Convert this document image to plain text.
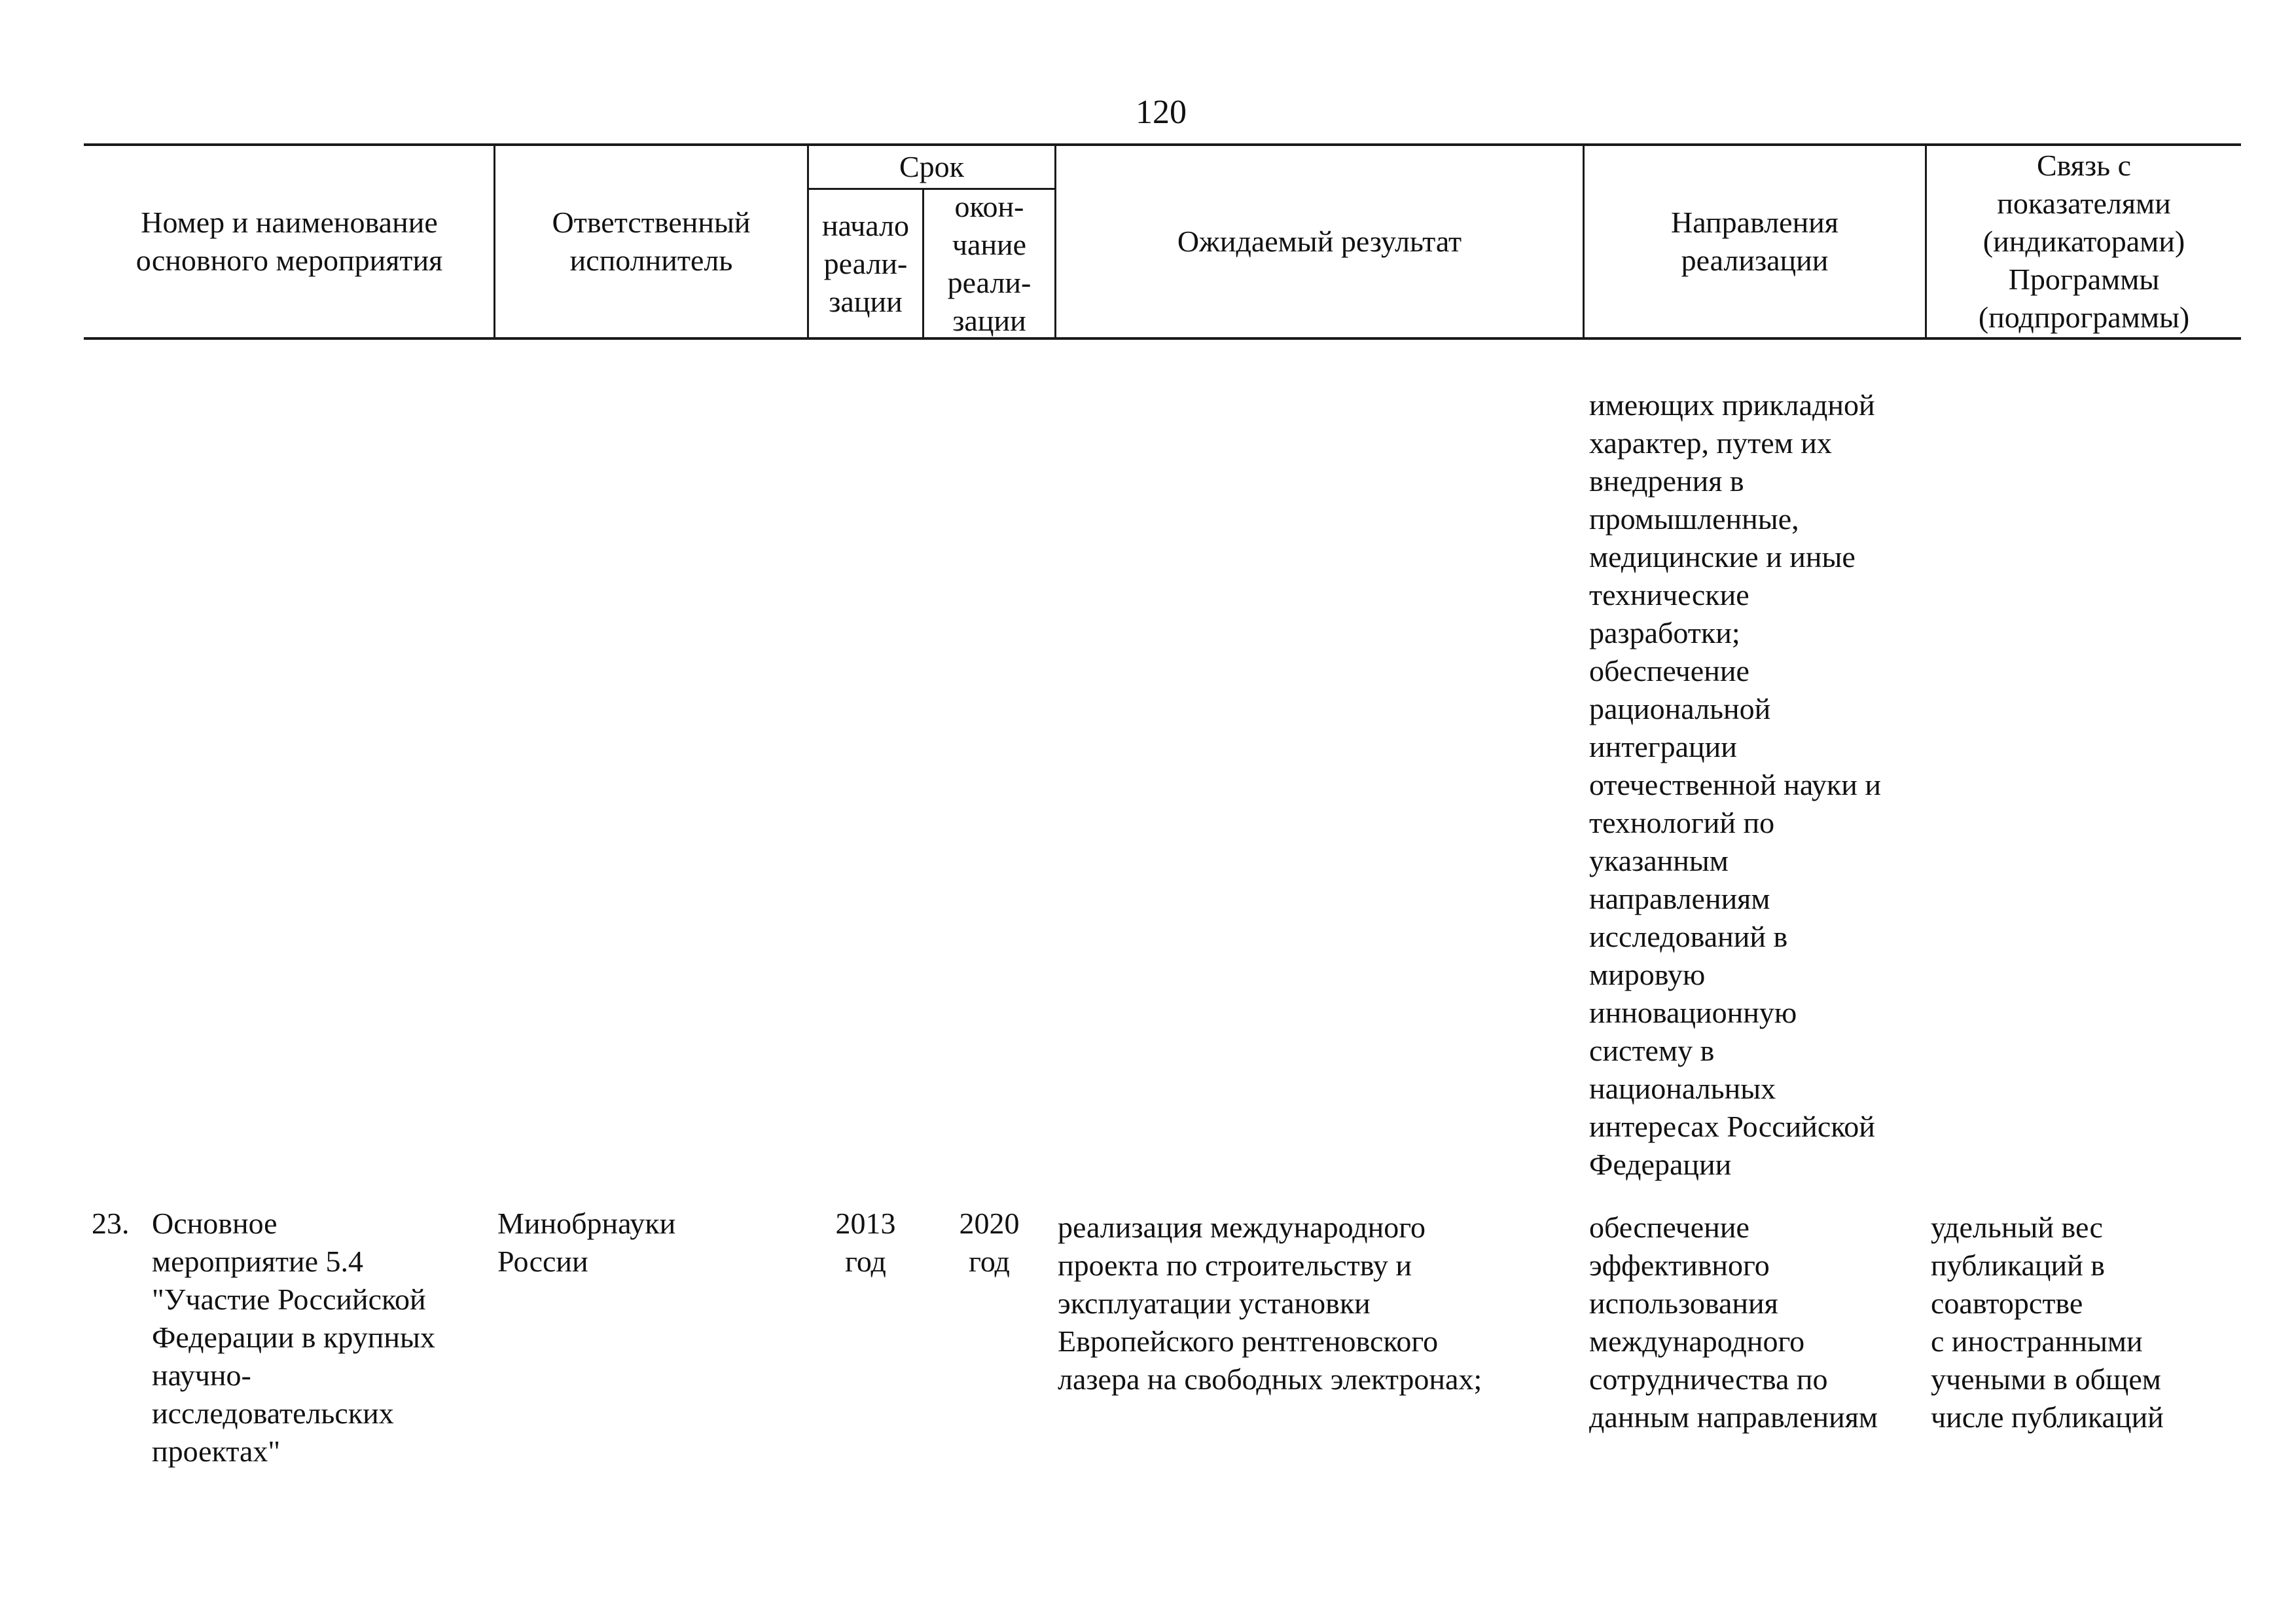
120
Номер и наименование
основного мероприятия
Ответственный
исполнитель
Срок
начало
реали-
зации
окон-
чание
реали-
зации
Ожидаемый результат
Направления
реализации
Связь с
показателями
(индикаторами)
Программы
(подпрограммы)
имеющих прикладной
характер, путем их
внедрения в
промышленные,
медицинские и иные
технические
разработки;
обеспечение
рациональной
интеграции
отечественной науки и
технологий по
указанным
направлениям
исследований в
мировую
инновационную
систему в
национальных
интересах Российской
Федерации
23. Основное
мероприятие 5.4
"Участие Российской
Федерации в крупных
научно-
исследовательских
проектах"
Минобрнауки
России
2013
год
2020
год
реализация международного
проекта по строительству и
эксплуатации установки
Европейского рентгеновского
лазера на свободных электронах;
обеспечение
эффективного
использования
международного
сотрудничества по
данным направлениям
удельный вес
публикаций в
соавторстве
с иностранными
учеными в общем
числе публикаций
